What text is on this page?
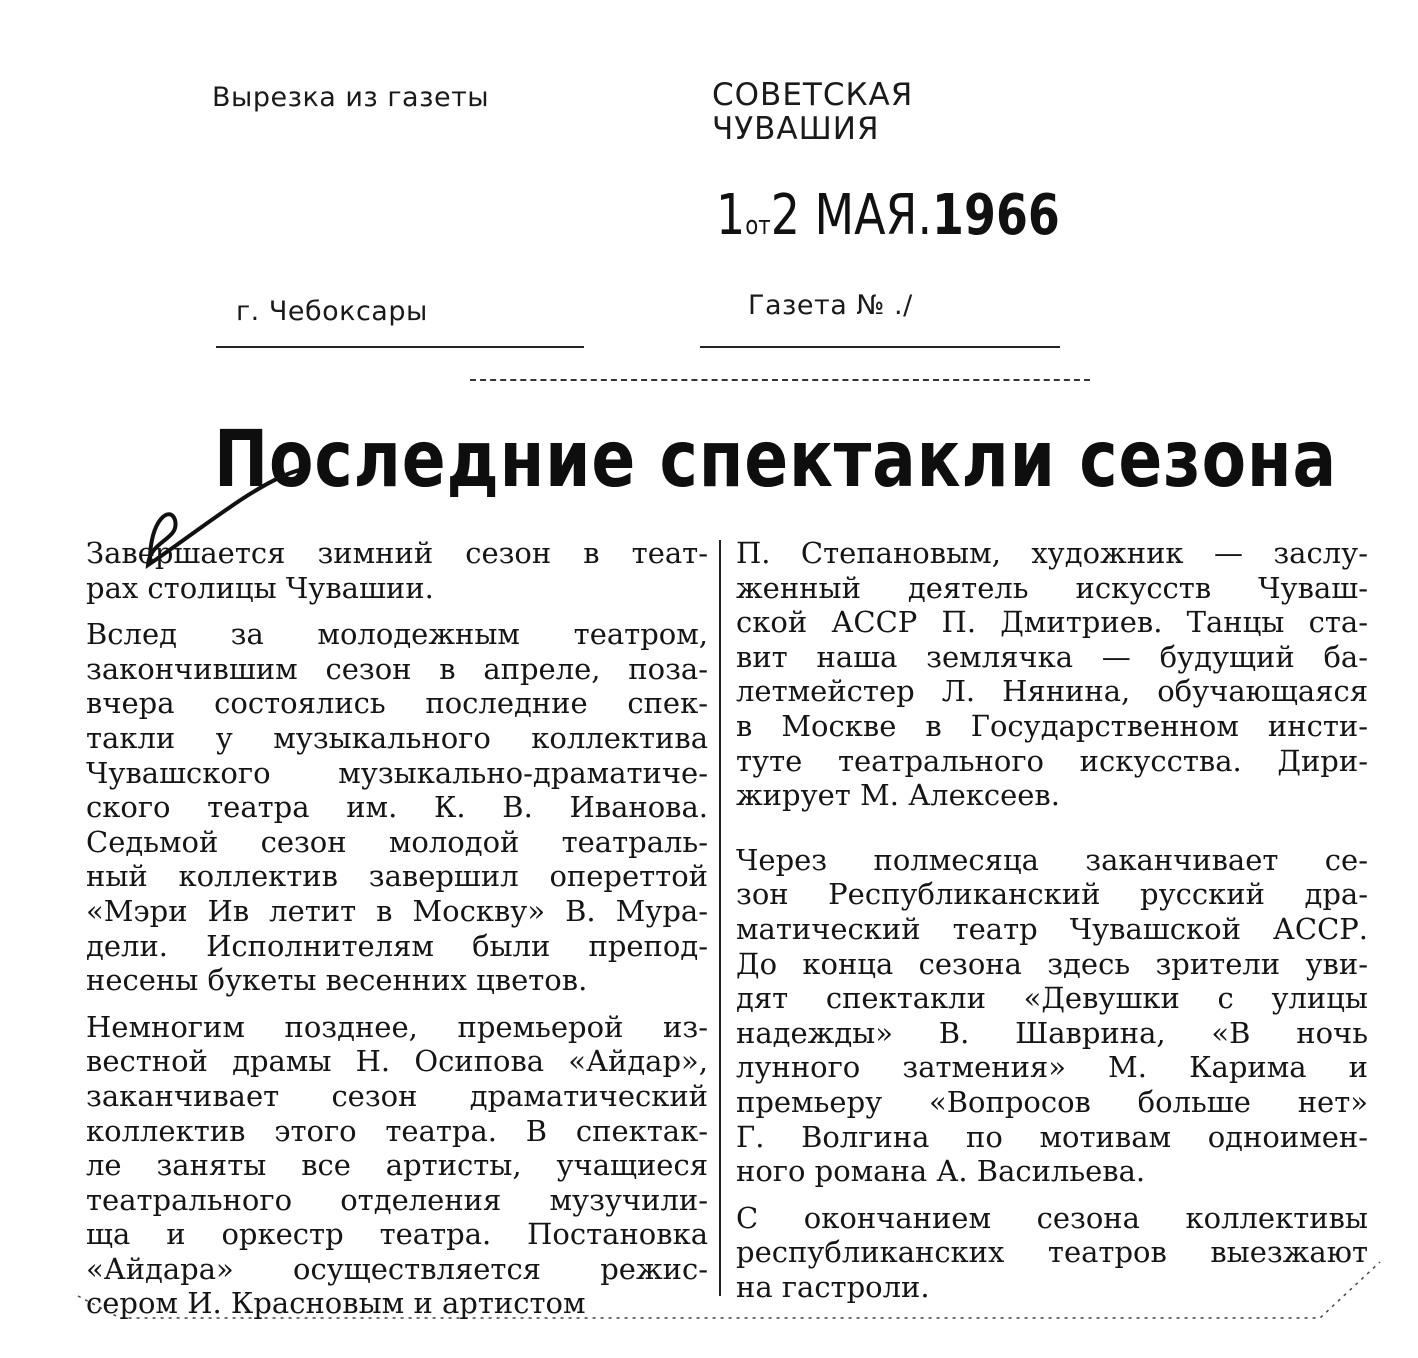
Вырезка из газеты	СОВЕТСКАЯ
ЧУВАШИЯ
1от2 МАЯ.1966
г. Чебоксары	Газета № ./
Последние спектакли сезона
Завершается зимний сезон в теат-
рах столицы Чувашии.
Вслед за молодежным театром,
закончившим сезон в апреле, поза-
вчера состоялись последние спек-
такли у музыкального коллектива
Чувашского музыкально-драматиче-
ского театра им. К. В. Иванова.
Седьмой сезон молодой театраль-
ный коллектив завершил опереттой
«Мэри Ив летит в Москву» В. Мура-
дели. Исполнителям были препод-
несены букеты весенних цветов.
Немногим позднее, премьерой из-
вестной драмы Н. Осипова «Айдар»,
заканчивает сезон драматический
коллектив этого театра. В спектак-
ле заняты все артисты, учащиеся
театрального отделения музучили-
ща и оркестр театра. Постановка
«Айдара» осуществляется режис-
сером И. Красновым и артистом
П. Степановым, художник — заслу-
женный деятель искусств Чуваш-
ской АССР П. Дмитриев. Танцы ста-
вит наша землячка — будущий ба-
летмейстер Л. Нянина, обучающаяся
в Москве в Государственном инсти-
туте театрального искусства. Дири-
жирует М. Алексеев.
Через полмесяца заканчивает се-
зон Республиканский русский дра-
матический театр Чувашской АССР.
До конца сезона здесь зрители уви-
дят спектакли «Девушки с улицы
надежды» В. Шаврина, «В ночь
лунного затмения» М. Карима и
премьеру «Вопросов больше нет»
Г. Волгина по мотивам одноимен-
ного романа А. Васильева.
С окончанием сезона коллективы
республиканских театров выезжают
на гастроли.
